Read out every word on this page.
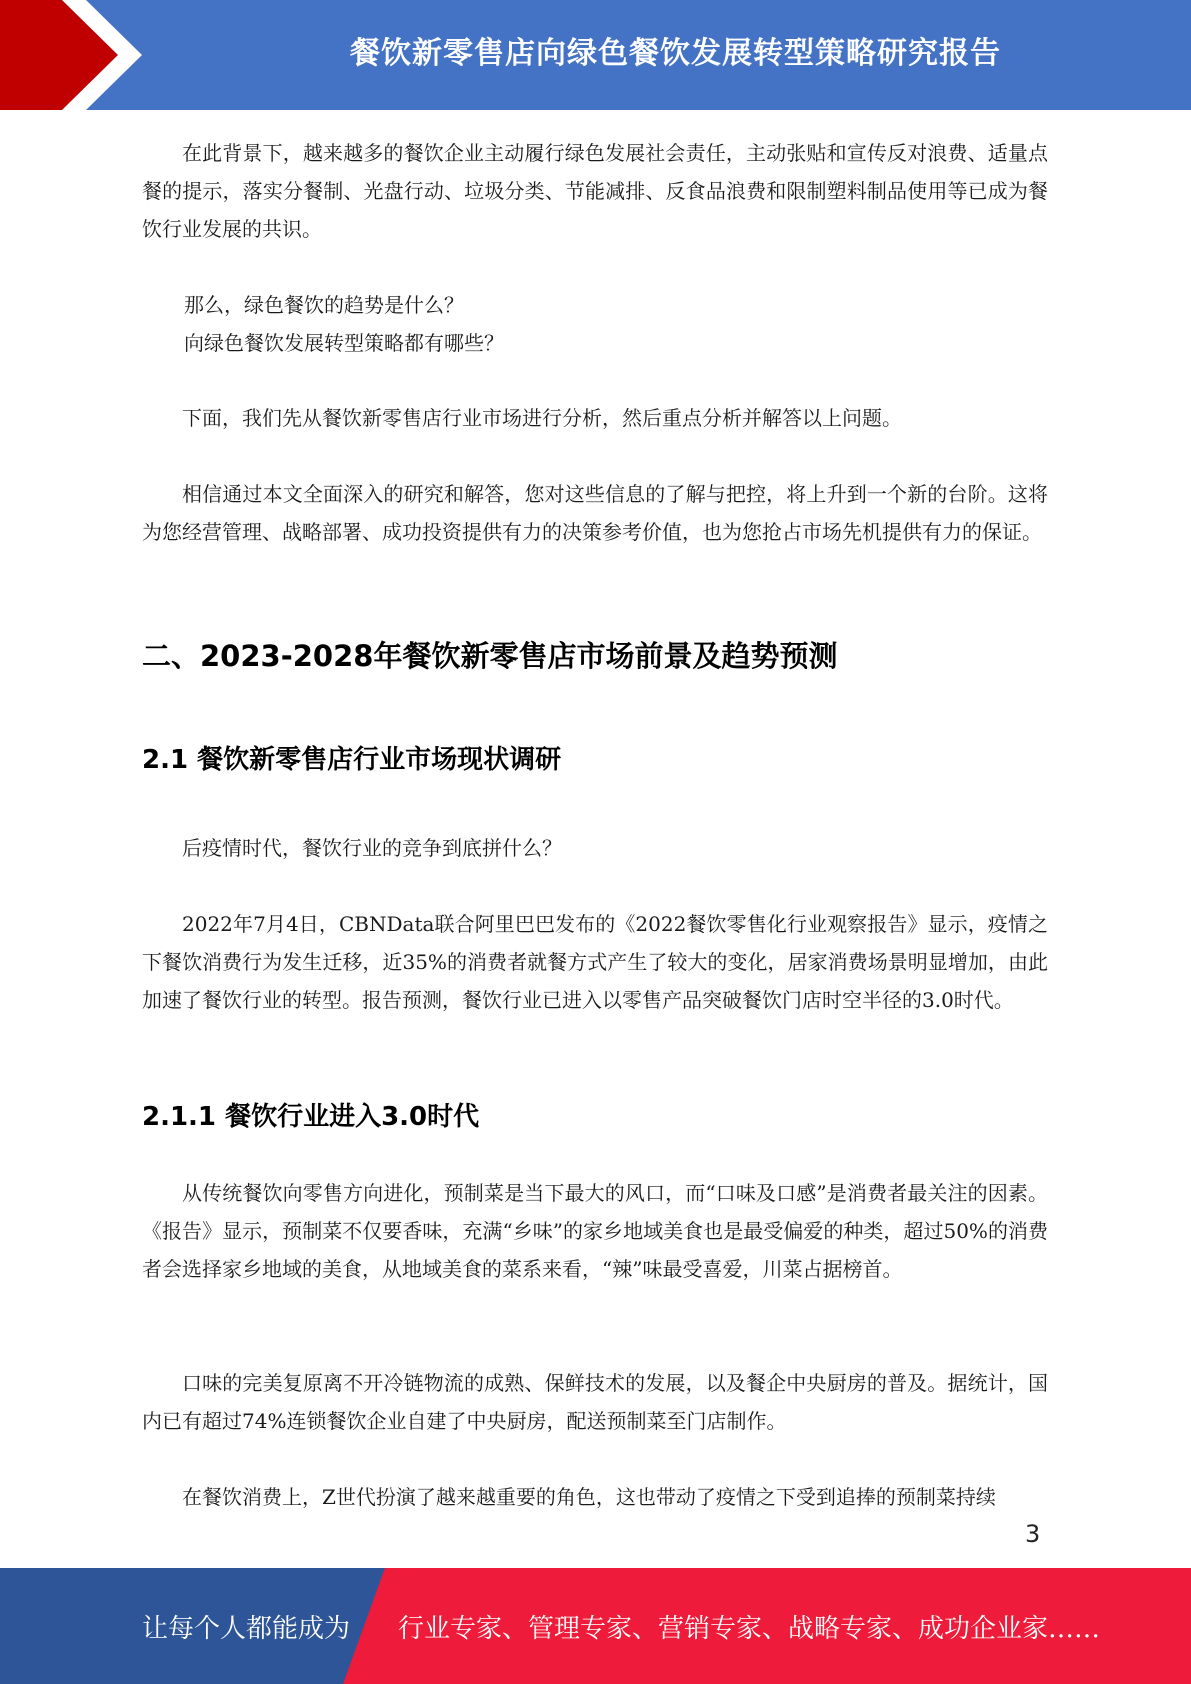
餐饮新零售店向绿色餐饮发展转型策略研究报告

在此背景下，越来越多的餐饮企业主动履行绿色发展社会责任，主动张贴和宣传反对浪费、适量点餐的提示，落实分餐制、光盘行动、垃圾分类、节能减排、反食品浪费和限制塑料制品使用等已成为餐饮行业发展的共识。

那么，绿色餐饮的趋势是什么？

向绿色餐饮发展转型策略都有哪些？

下面，我们先从餐饮新零售店行业市场进行分析，然后重点分析并解答以上问题。

相信通过本文全面深入的研究和解答，您对这些信息的了解与把控，将上升到一个新的台阶。这将为您经营管理、战略部署、成功投资提供有力的决策参考价值，也为您抢占市场先机提供有力的保证。

二、2023-2028年餐饮新零售店市场前景及趋势预测
2.1 餐饮新零售店行业市场现状调研

后疫情时代，餐饮行业的竞争到底拼什么？

2022年7月4日，CBNData联合阿里巴巴发布的《2022餐饮零售化行业观察报告》显示，疫情之下餐饮消费行为发生迁移，近35%的消费者就餐方式产生了较大的变化，居家消费场景明显增加，由此加速了餐饮行业的转型。报告预测，餐饮行业已进入以零售产品突破餐饮门店时空半径的3.0时代。

2.1.1 餐饮行业进入3.0时代

从传统餐饮向零售方向进化，预制菜是当下最大的风口，而“口味及口感”是消费者最关注的因素。《报告》显示，预制菜不仅要香味，充满“乡味”的家乡地域美食也是最受偏爱的种类，超过50%的消费者会选择家乡地域的美食，从地域美食的菜系来看，“辣”味最受喜爱，川菜占据榜首。

口味的完美复原离不开冷链物流的成熟、保鲜技术的发展，以及餐企中央厨房的普及。据统计，国内已有超过74%连锁餐饮企业自建了中央厨房，配送预制菜至门店制作。

在餐饮消费上，Z世代扮演了越来越重要的角色，这也带动了疫情之下受到追捧的预制菜持续

3
让每个人都能成为 行业专家、管理专家、营销专家、战略专家、成功企业家……
